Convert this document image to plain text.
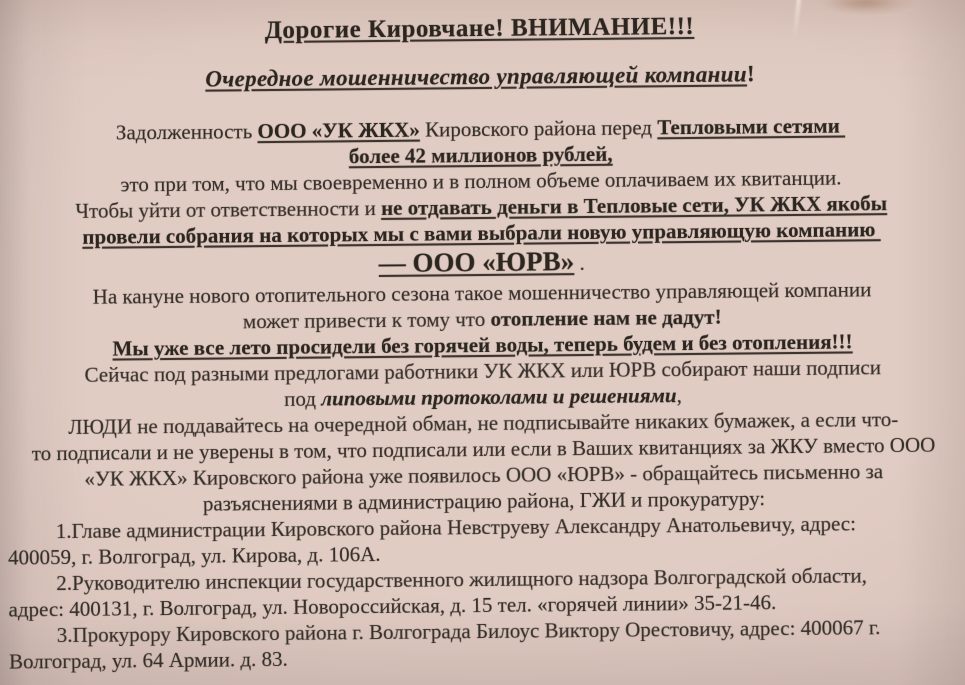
Дорогие Кировчане! ВНИМАНИЕ!!!
Очередное мошенничество управляющей компании!
Задолженность ООО «УК ЖКХ» Кировского района перед Тепловыми сетями
более 42 миллионов рублей,
это при том, что мы своевременно и в полном объеме оплачиваем их квитанции.
Чтобы уйти от ответственности и не отдавать деньги в Тепловые сети, УК ЖКХ якобы
провели собрания на которых мы с вами выбрали новую управляющую компанию
— ООО «ЮРВ» .
На кануне нового отопительного сезона такое мошенничество управляющей компании
может привести к тому что отопление нам не дадут!
Мы уже все лето просидели без горячей воды, теперь будем и без отопления!!!
Сейчас под разными предлогами работники УК ЖКХ или ЮРВ собирают наши подписи
под липовыми протоколами и решениями,
ЛЮДИ не поддавайтесь на очередной обман, не подписывайте никаких бумажек, а если что-
то подписали и не уверены в том, что подписали или если в Ваших квитанциях за ЖКУ вместо ООО
«УК ЖКХ» Кировского района уже появилось ООО «ЮРВ» - обращайтесь письменно за
разъяснениями в администрацию района, ГЖИ и прокуратуру:
1.Главе администрации Кировского района Невструеву Александру Анатольевичу, адрес:
400059, г. Волгоград, ул. Кирова, д. 106А.
2.Руководителю инспекции государственного жилищного надзора Волгоградской области,
адрес: 400131, г. Волгоград, ул. Новороссийская, д. 15 тел. «горячей линии» 35-21-46.
3.Прокурору Кировского района г. Волгограда Билоус Виктору Орестовичу, адрес: 400067 г.
Волгоград, ул. 64 Армии. д. 83.
